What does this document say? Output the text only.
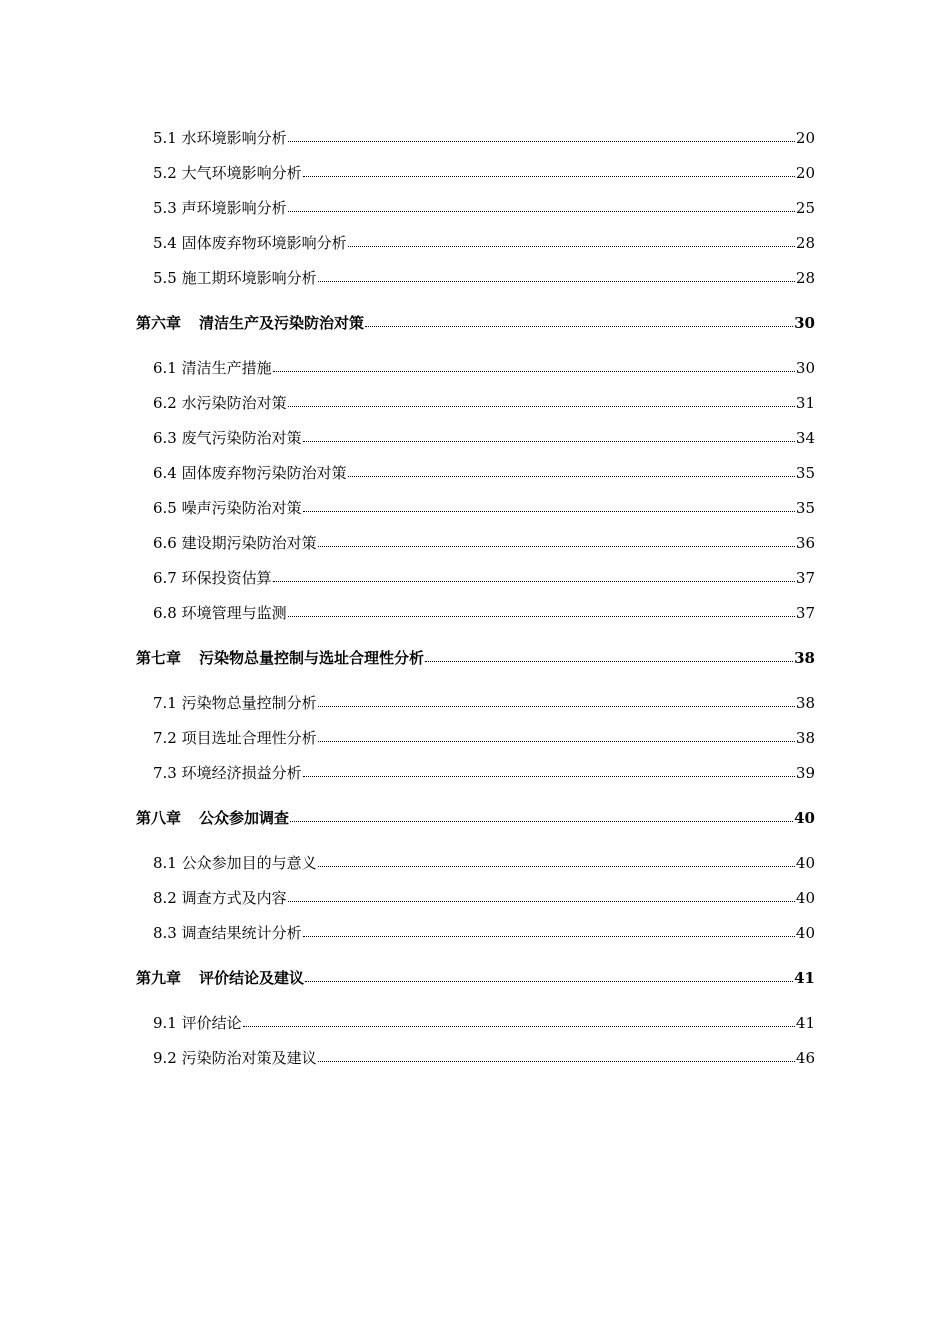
5.1 水环境影响分析	20
5.2 大气环境影响分析	20
5.3 声环境影响分析	25
5.4 固体废弃物环境影响分析	28
5.5 施工期环境影响分析	28
第六章 清洁生产及污染防治对策	30
6.1 清洁生产措施	30
6.2 水污染防治对策	31
6.3 废气污染防治对策	34
6.4 固体废弃物污染防治对策	35
6.5 噪声污染防治对策	35
6.6 建设期污染防治对策	36
6.7 环保投资估算	37
6.8 环境管理与监测	37
第七章 污染物总量控制与选址合理性分析	38
7.1 污染物总量控制分析	38
7.2 项目选址合理性分析	38
7.3 环境经济损益分析	39
第八章 公众参加调查	40
8.1 公众参加目的与意义	40
8.2 调查方式及内容	40
8.3 调查结果统计分析	40
第九章 评价结论及建议	41
9.1 评价结论	41
9.2 污染防治对策及建议	46
